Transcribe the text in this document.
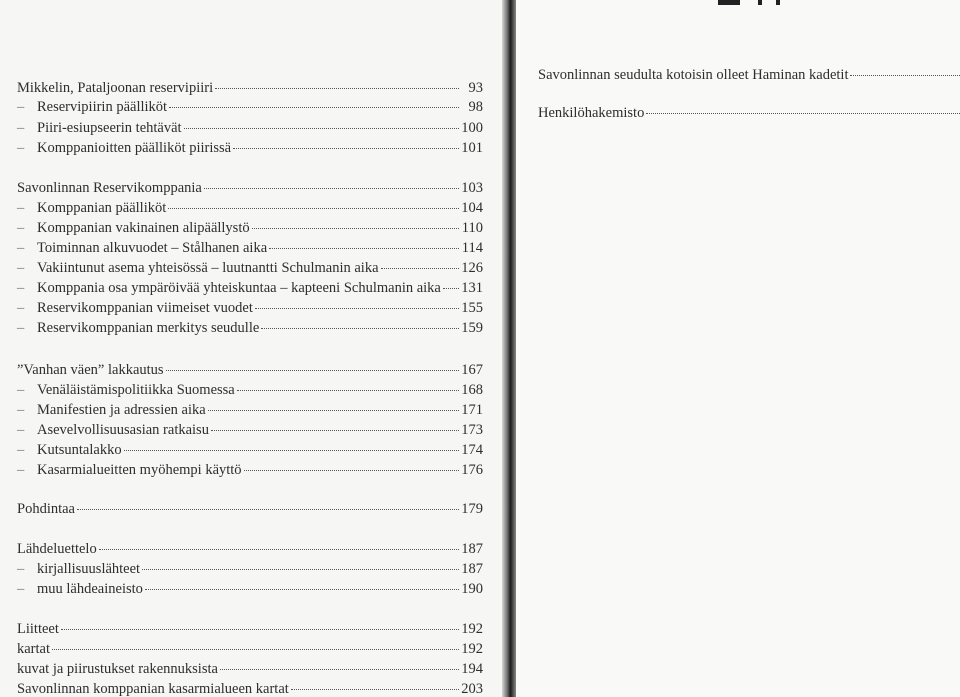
Mikkelin, Pataljoonan reservipiiri	93
– Reservipiirin päälliköt	98
– Piiri-esiupseerin tehtävät	100
– Komppanioitten päälliköt piirissä	101
Savonlinnan Reservikomppania	103
– Komppanian päälliköt	104
– Komppanian vakinainen alipäällystö	110
– Toiminnan alkuvuodet – Stålhanen aika	114
– Vakiintunut asema yhteisössä – luutnantti Schulmanin aika	126
– Komppania osa ympäröivää yhteiskuntaa – kapteeni Schulmanin aika 131
– Reservikomppanian viimeiset vuodet	155
– Reservikomppanian merkitys seudulle	159
”Vanhan väen” lakkautus	167
– Venäläistämispolitiikka Suomessa	168
– Manifestien ja adressien aika	171
– Asevelvollisuusasian ratkaisu	173
– Kutsuntalakko	174
– Kasarmialueitten myöhempi käyttö	176
Pohdintaa	179
Lähdeluettelo	187
– kirjallisuuslähteet	187
– muu lähdeaineisto	190
Liitteet	192
kartat	192
kuvat ja piirustukset rakennuksista	194
Savonlinnan komppanian kasarmialueen kartat	203
Savonlinnan seudulta kotoisin olleet Haminan kadetit
Henkilöhakemisto
